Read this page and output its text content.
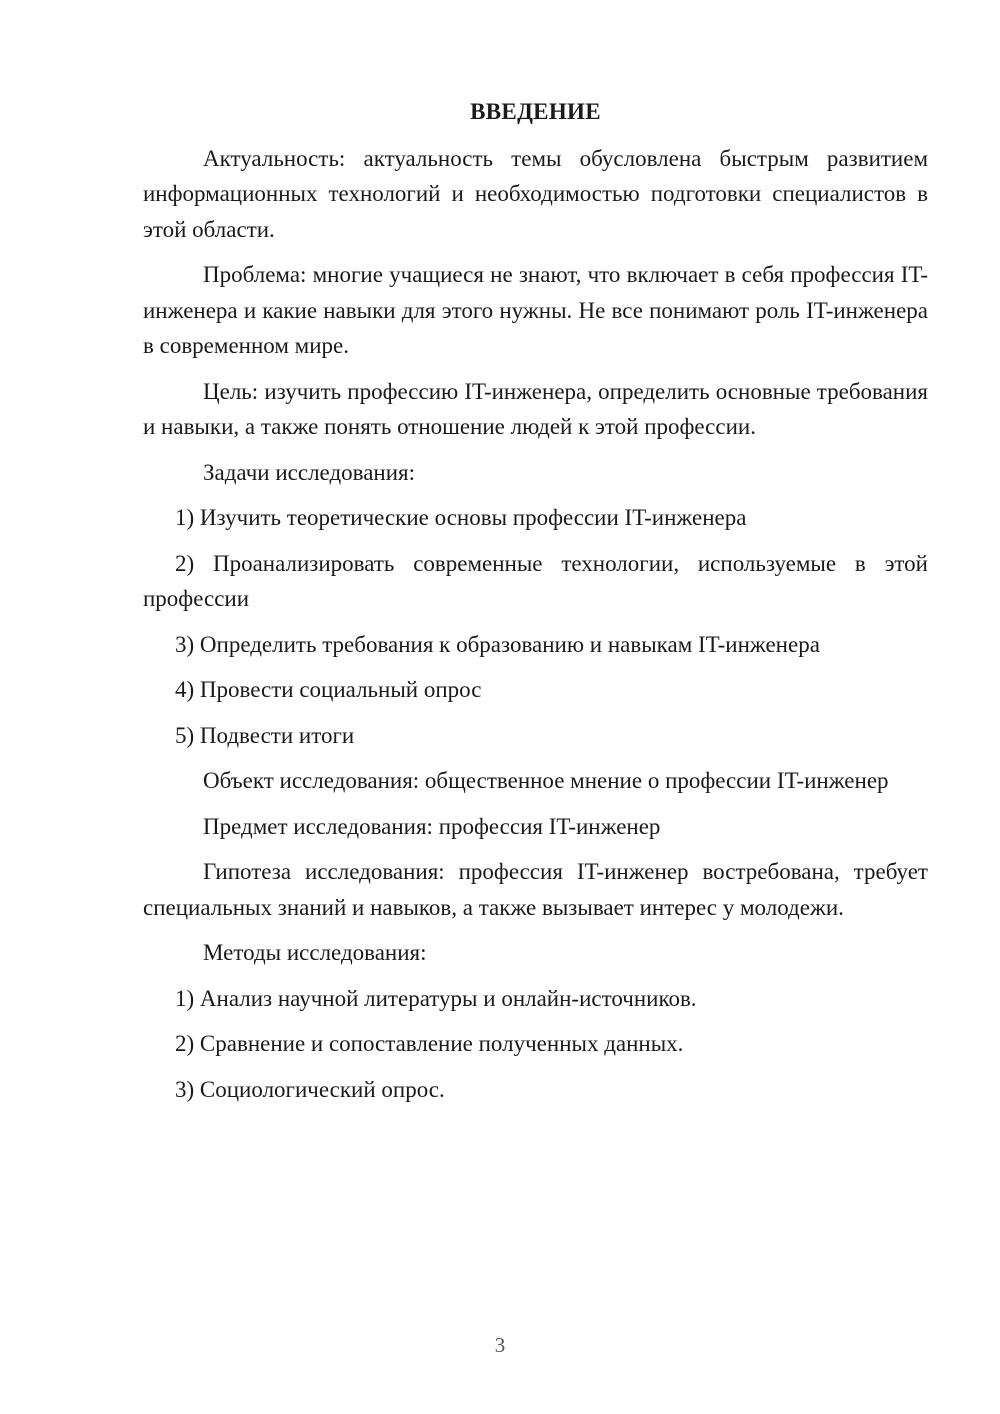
ВВЕДЕНИЕ

Актуальность: актуальность темы обусловлена быстрым развитием информационных технологий и необходимостью подготовки специалистов в этой области.

Проблема: многие учащиеся не знают, что включает в себя профессия IT-инженера и какие навыки для этого нужны. Не все понимают роль IT-инженера в современном мире.

Цель: изучить профессию IT-инженера, определить основные требования и навыки, а также понять отношение людей к этой профессии.

Задачи исследования:

1) Изучить теоретические основы профессии IT-инженера

2) Проанализировать современные технологии, используемые в этой профессии

3) Определить требования к образованию и навыкам IT-инженера

4) Провести социальный опрос

5) Подвести итоги

Объект исследования: общественное мнение о профессии IT-инженер

Предмет исследования: профессия IT-инженер

Гипотеза исследования: профессия IT-инженер востребована, требует специальных знаний и навыков, а также вызывает интерес у молодежи.

Методы исследования:

1) Анализ научной литературы и онлайн-источников.

2) Сравнение и сопоставление полученных данных.

3) Социологический опрос.

3
